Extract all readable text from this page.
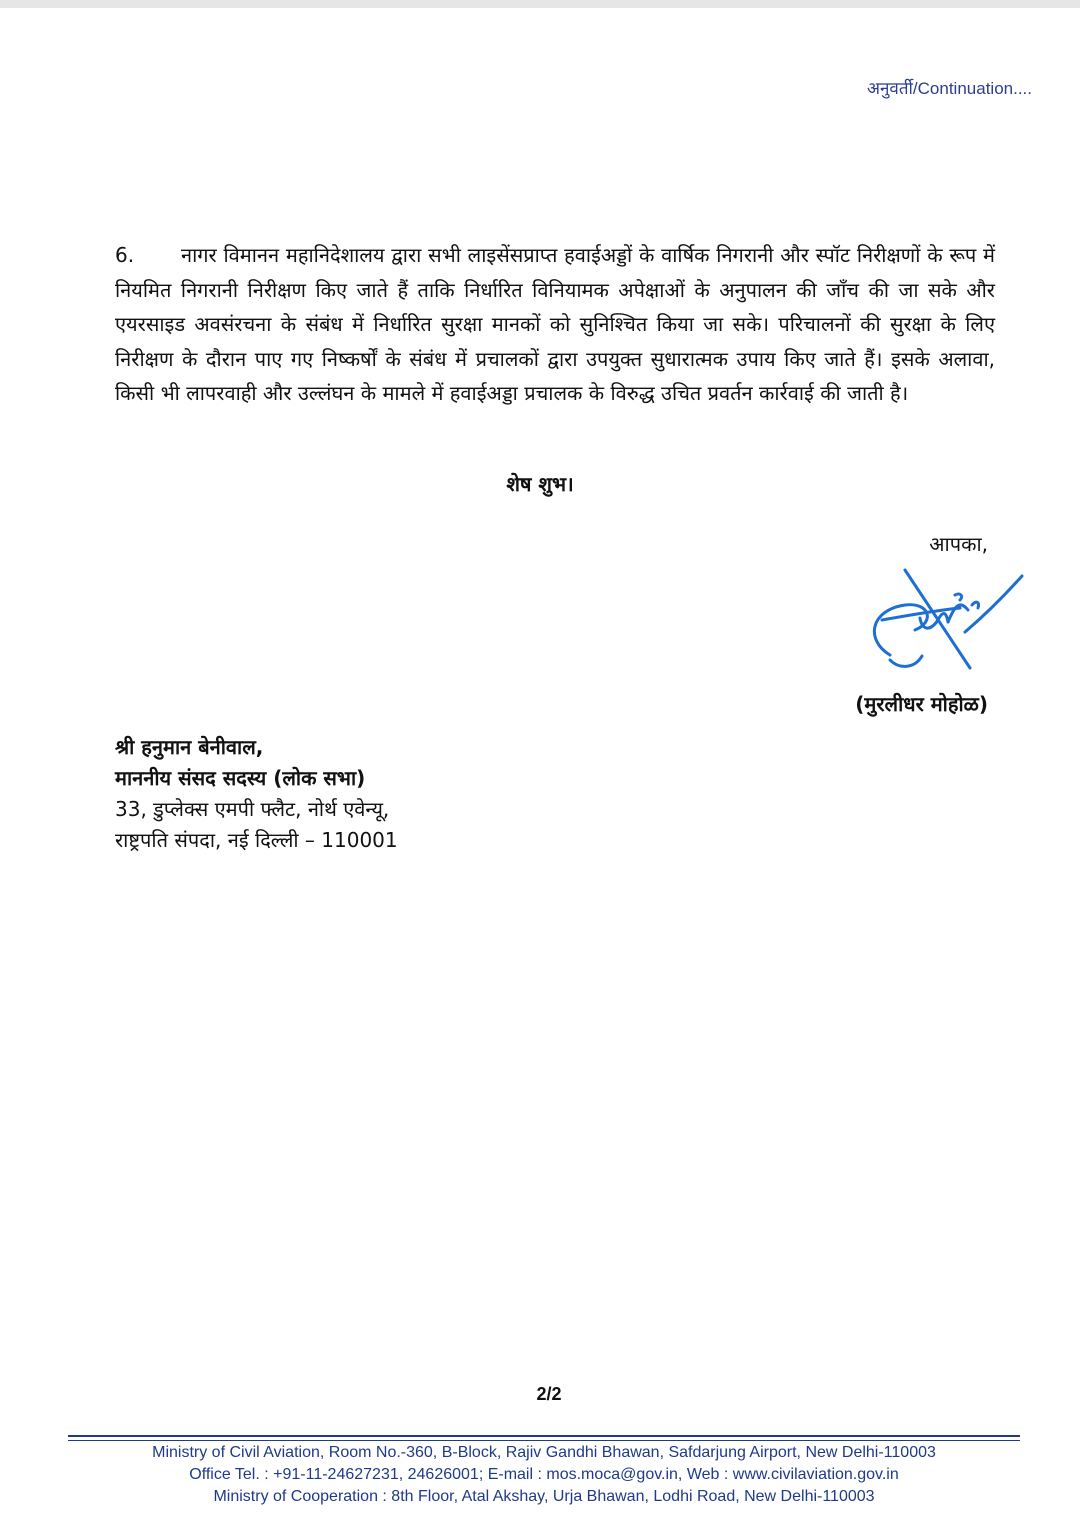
अनुवर्ती/Continuation....

6. नागर विमानन महानिदेशालय द्वारा सभी लाइसेंसप्राप्त हवाईअड्डों के वार्षिक निगरानी और स्पॉट निरीक्षणों के रूप में नियमित निगरानी निरीक्षण किए जाते हैं ताकि निर्धारित विनियामक अपेक्षाओं के अनुपालन की जाँच की जा सके और एयरसाइड अवसंरचना के संबंध में निर्धारित सुरक्षा मानकों को सुनिश्चित किया जा सके। परिचालनों की सुरक्षा के लिए निरीक्षण के दौरान पाए गए निष्कर्षों के संबंध में प्रचालकों द्वारा उपयुक्त सुधारात्मक उपाय किए जाते हैं। इसके अलावा, किसी भी लापरवाही और उल्लंघन के मामले में हवाईअड्डा प्रचालक के विरुद्ध उचित प्रवर्तन कार्रवाई की जाती है।

शेष शुभ।
आपका,
(मुरलीधर मोहोळ)
श्री हनुमान बेनीवाल,
माननीय संसद सदस्य (लोक सभा)
33, डुप्लेक्स एमपी फ्लैट, नोर्थ एवेन्यू,
राष्ट्रपति संपदा, नई दिल्ली – 110001
2/2
Ministry of Civil Aviation, Room No.-360, B-Block, Rajiv Gandhi Bhawan, Safdarjung Airport, New Delhi-110003
Office Tel. : +91-11-24627231, 24626001; E-mail : mos.moca@gov.in, Web : www.civilaviation.gov.in
Ministry of Cooperation : 8th Floor, Atal Akshay, Urja Bhawan, Lodhi Road, New Delhi-110003
